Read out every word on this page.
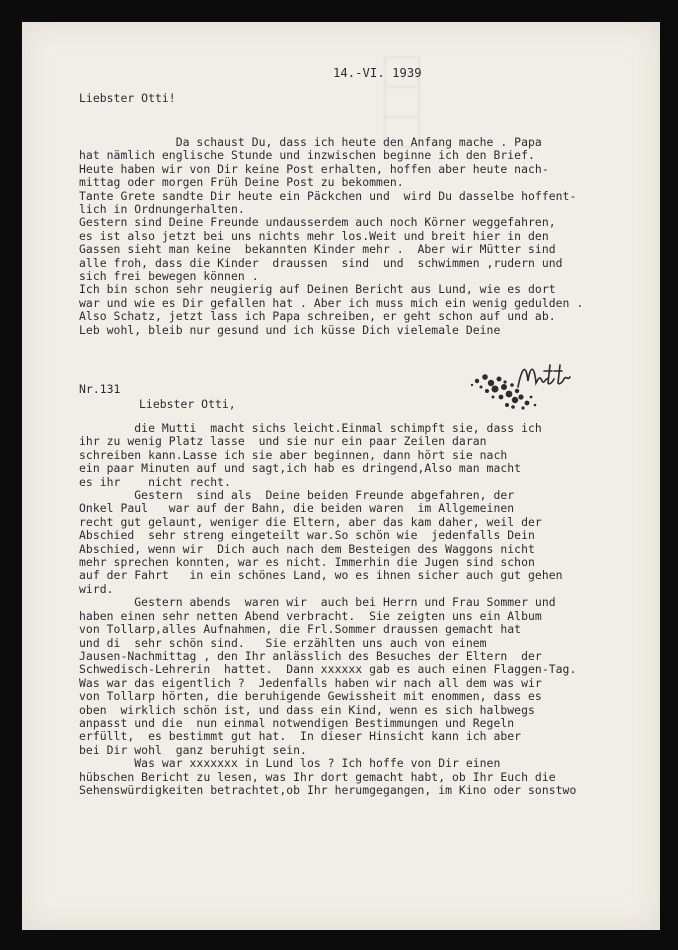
14.-VI. 1939
Liebster Otti!
Da schaust Du, dass ich heute den Anfang mache . Papa
hat nämlich englische Stunde und inzwischen beginne ich den Brief.
Heute haben wir von Dir keine Post erhalten, hoffen aber heute nach-
mittag oder morgen Früh Deine Post zu bekommen.
Tante Grete sandte Dir heute ein Päckchen und  wird Du dasselbe hoffent-
lich in Ordnungerhalten.
Gestern sind Deine Freunde undausserdem auch noch Körner weggefahren,
es ist also jetzt bei uns nichts mehr los.Weit und breit hier in den
Gassen sieht man keine  bekannten Kinder mehr .  Aber wir Mütter sind
alle froh, dass die Kinder  draussen  sind  und  schwimmen ,rudern und
sich frei bewegen können .
Ich bin schon sehr neugierig auf Deinen Bericht aus Lund, wie es dort
war und wie es Dir gefallen hat . Aber ich muss mich ein wenig gedulden .
Also Schatz, jetzt lass ich Papa schreiben, er geht schon auf und ab.
Leb wohl, bleib nur gesund und ich küsse Dich vielemale Deine
Nr.131
Liebster Otti,
die Mutti  macht sichs leicht.Einmal schimpft sie, dass ich
ihr zu wenig Platz lasse  und sie nur ein paar Zeilen daran
schreiben kann.Lasse ich sie aber beginnen, dann hört sie nach
ein paar Minuten auf und sagt,ich hab es dringend,Also man macht
es ihr    nicht recht.
Gestern  sind als  Deine beiden Freunde abgefahren, der
Onkel Paul   war auf der Bahn, die beiden waren  im Allgemeinen
recht gut gelaunt, weniger die Eltern, aber das kam daher, weil der
Abschied  sehr streng eingeteilt war.So schön wie  jedenfalls Dein
Abschied, wenn wir  Dich auch nach dem Besteigen des Waggons nicht
mehr sprechen konnten, war es nicht. Immerhin die Jugen sind schon
auf der Fahrt   in ein schönes Land, wo es ihnen sicher auch gut gehen
wird.
Gestern abends  waren wir  auch bei Herrn und Frau Sommer und
haben einen sehr netten Abend verbracht.  Sie zeigten uns ein Album
von Tollarp,alles Aufnahmen, die Frl.Sommer draussen gemacht hat
und di  sehr schön sind.   Sie erzählten uns auch von einem
Jausen-Nachmittag , den Ihr anlässlich des Besuches der Eltern  der
Schwedisch-Lehrerin  hattet.  Dann xxxxxx gab es auch einen Flaggen-Tag.
Was war das eigentlich ?  Jedenfalls haben wir nach all dem was wir
von Tollarp hörten, die beruhigende Gewissheit mit enommen, dass es
oben  wirklich schön ist, und dass ein Kind, wenn es sich halbwegs
anpasst und die  nun einmal notwendigen Bestimmungen und Regeln
erfüllt,  es bestimmt gut hat.  In dieser Hinsicht kann ich aber
bei Dir wohl  ganz beruhigt sein.
Was war xxxxxxx in Lund los ? Ich hoffe von Dir einen
hübschen Bericht zu lesen, was Ihr dort gemacht habt, ob Ihr Euch die
Sehenswürdigkeiten betrachtet,ob Ihr herumgegangen, im Kino oder sonstwo
